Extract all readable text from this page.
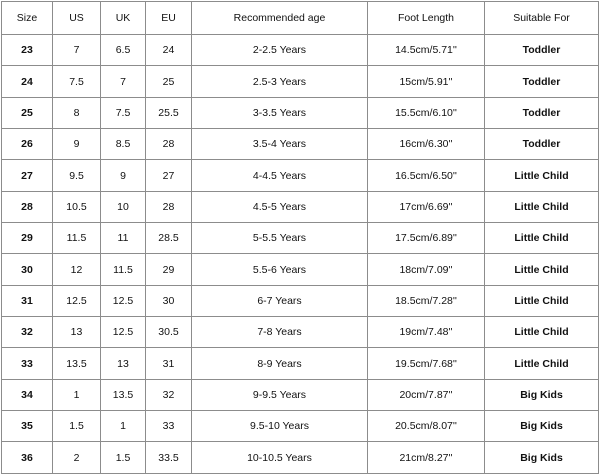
Size	US	UK	EU	Recommended age	Foot Length	Suitable For
23	7	6.5	24	2-2.5 Years	14.5cm/5.71''	Toddler
24	7.5	7	25	2.5-3 Years	15cm/5.91''	Toddler
25	8	7.5	25.5	3-3.5 Years	15.5cm/6.10''	Toddler
26	9	8.5	28	3.5-4 Years	16cm/6.30''	Toddler
27	9.5	9	27	4-4.5 Years	16.5cm/6.50''	Little Child
28	10.5	10	28	4.5-5 Years	17cm/6.69''	Little Child
29	11.5	11	28.5	5-5.5 Years	17.5cm/6.89''	Little Child
30	12	11.5	29	5.5-6 Years	18cm/7.09''	Little Child
31	12.5	12.5	30	6-7 Years	18.5cm/7.28''	Little Child
32	13	12.5	30.5	7-8 Years	19cm/7.48''	Little Child
33	13.5	13	31	8-9 Years	19.5cm/7.68''	Little Child
34	1	13.5	32	9-9.5 Years	20cm/7.87''	Big Kids
35	1.5	1	33	9.5-10 Years	20.5cm/8.07''	Big Kids
36	2	1.5	33.5	10-10.5 Years	21cm/8.27''	Big Kids
